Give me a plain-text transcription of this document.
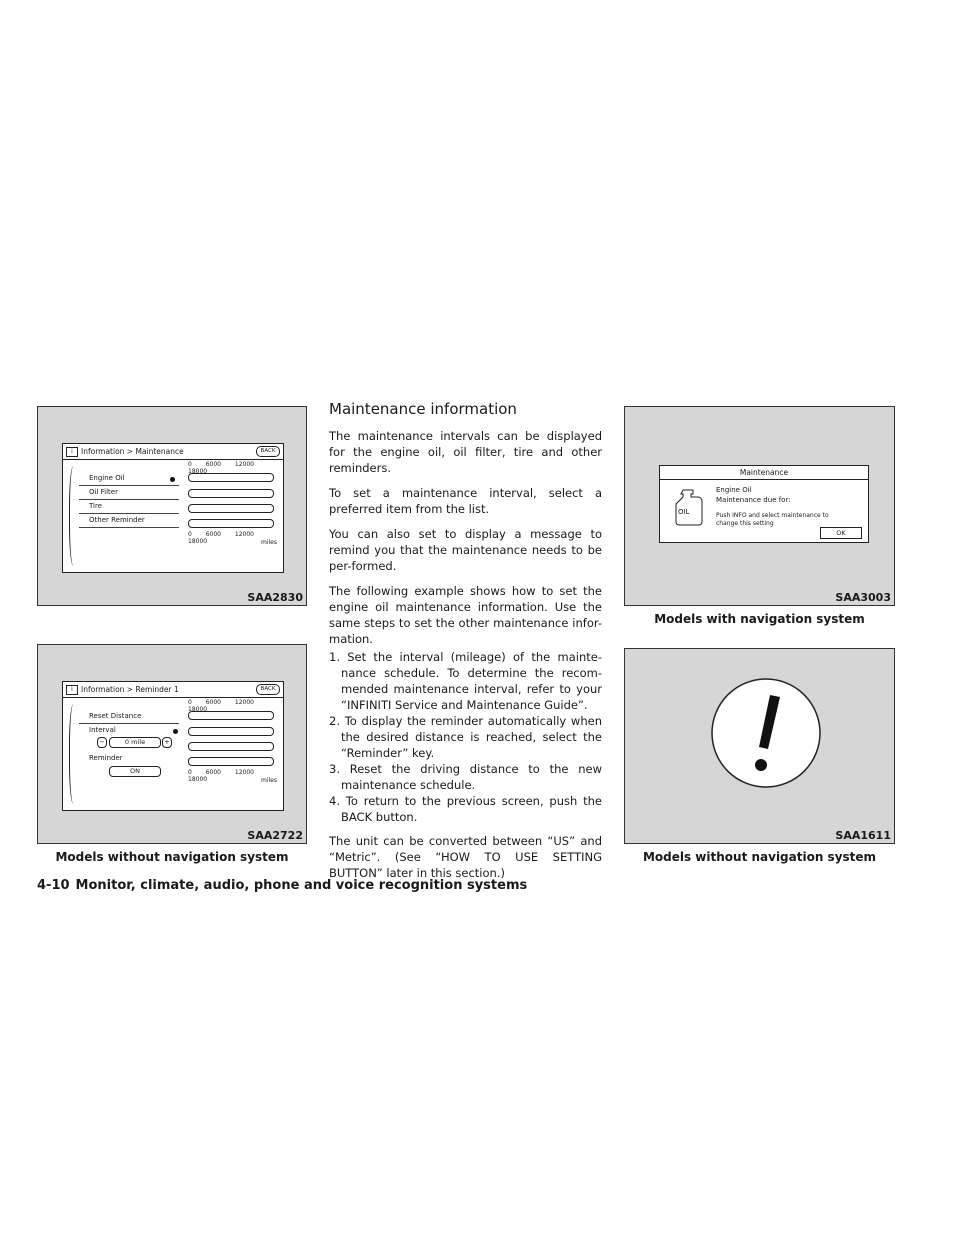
i	Information > Maintenance	BACK
0 6000 12000 18000
Engine Oil
Oil Filter
Tire
Other Reminder
0 6000 12000 18000	miles
SAA2830
i	Information > Reminder 1	BACK
0 6000 12000 18000
Reset Distance
Interval
−	0 mile	+
Reminder
ON	0 6000 12000 18000	miles
SAA2722
Models without navigation system
Maintenance information

The maintenance intervals can be displayed for the engine oil, oil filter, tire and other reminders.

To set a maintenance interval, select a preferred item from the list.

You can also set to display a message to remind you that the maintenance needs to be per-formed.

The following example shows how to set the engine oil maintenance information. Use the same steps to set the other maintenance infor-mation.

1. Set the interval (mileage) of the mainte-nance schedule. To determine the recom-mended maintenance interval, refer to your “INFINITI Service and Maintenance Guide”.
2. To display the reminder automatically when the desired distance is reached, select the “Reminder” key.
3. Reset the driving distance to the new maintenance schedule.
4. To return to the previous screen, push the BACK button.

The unit can be converted between “US” and “Metric”. (See “HOW TO USE SETTING BUTTON” later in this section.)

Maintenance
OIL
Engine Oil
Maintenance due for:
Push INFO and select maintenance to
change this setting
OK
SAA3003
Models with navigation system
SAA1611
Models without navigation system
4-10 Monitor, climate, audio, phone and voice recognition systems
